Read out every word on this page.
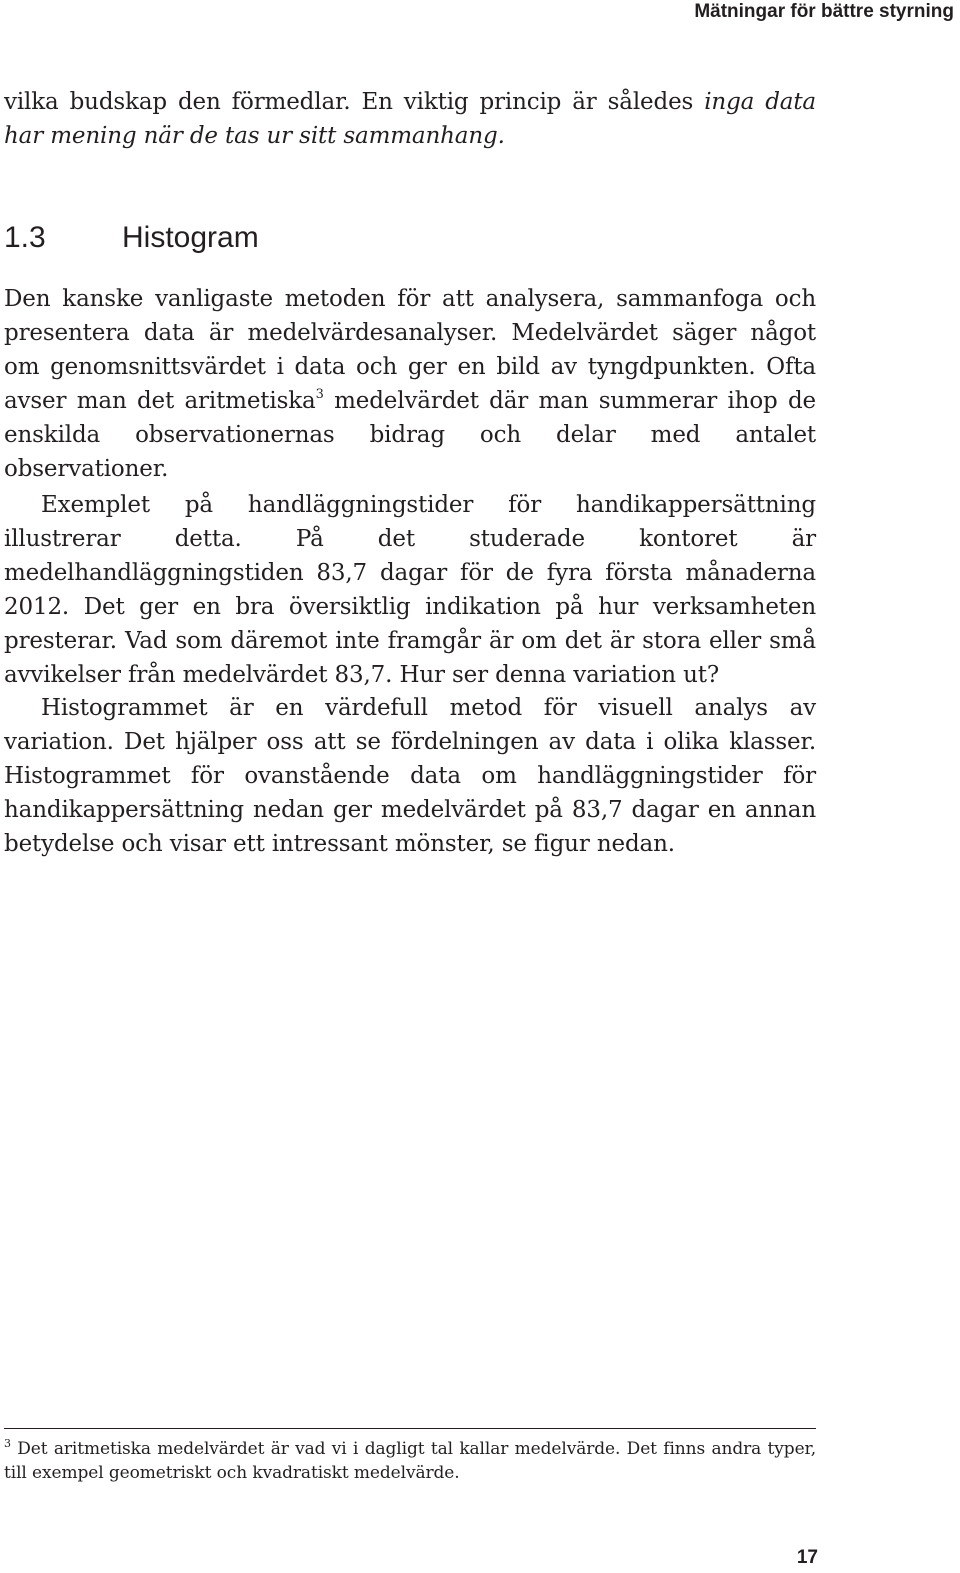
Mätningar för bättre styrning

vilka budskap den förmedlar. En viktig princip är således inga data har mening när de tas ur sitt sammanhang.

1.3	Histogram

Den kanske vanligaste metoden för att analysera, sammanfoga och presentera data är medelvärdesanalyser. Medelvärdet säger något om genomsnittsvärdet i data och ger en bild av tyngdpunkten. Ofta avser man det aritmetiska$^3$ medelvärdet där man summerar ihop de enskilda observationernas bidrag och delar med antalet observationer.

Exemplet på handläggningstider för handikappersättning illustrerar detta. På det studerade kontoret är medelhandläggningstiden 83,7 dagar för de fyra första månaderna 2012. Det ger en bra översiktlig indikation på hur verksamheten presterar. Vad som däremot inte framgår är om det är stora eller små avvikelser från medelvärdet 83,7. Hur ser denna variation ut?

Histogrammet är en värdefull metod för visuell analys av variation. Det hjälper oss att se fördelningen av data i olika klasser. Histogrammet för ovanstående data om handläggningstider för handikappersättning nedan ger medelvärdet på 83,7 dagar en annan betydelse och visar ett intressant mönster, se figur nedan.

$^3$ Det aritmetiska medelvärdet är vad vi i dagligt tal kallar medelvärde. Det finns andra typer, till exempel geometriskt och kvadratiskt medelvärde.

17
